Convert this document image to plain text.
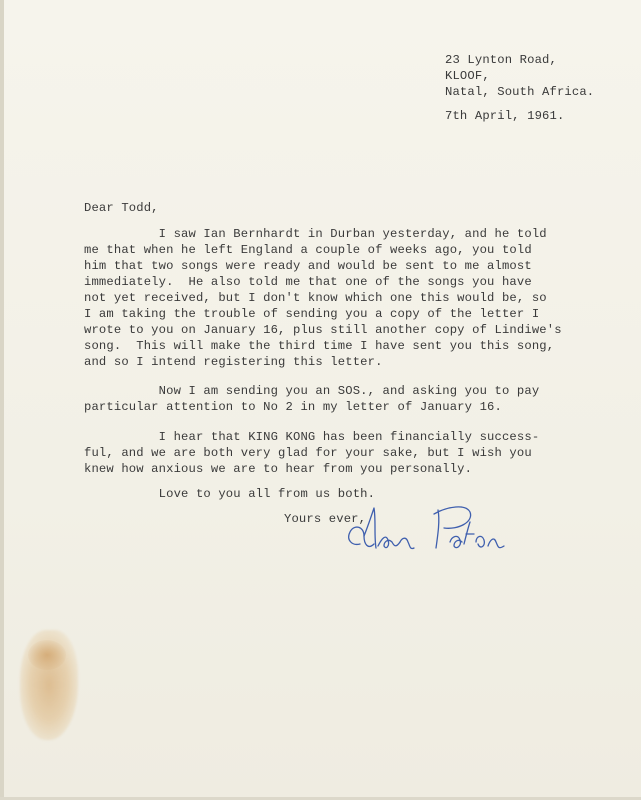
23 Lynton Road,
KLOOF,
Natal, South Africa.
7th April, 1961.
Dear Todd,
I saw Ian Bernhardt in Durban yesterday, and he told
me that when he left England a couple of weeks ago, you told
him that two songs were ready and would be sent to me almost
immediately.  He also told me that one of the songs you have
not yet received, but I don't know which one this would be, so
I am taking the trouble of sending you a copy of the letter I
wrote to you on January 16, plus still another copy of Lindiwe's
song.  This will make the third time I have sent you this song,
and so I intend registering this letter.
Now I am sending you an SOS., and asking you to pay
particular attention to No 2 in my letter of January 16.
I hear that KING KONG has been financially success-
ful, and we are both very glad for your sake, but I wish you
knew how anxious we are to hear from you personally.
Love to you all from us both.
Yours ever,
